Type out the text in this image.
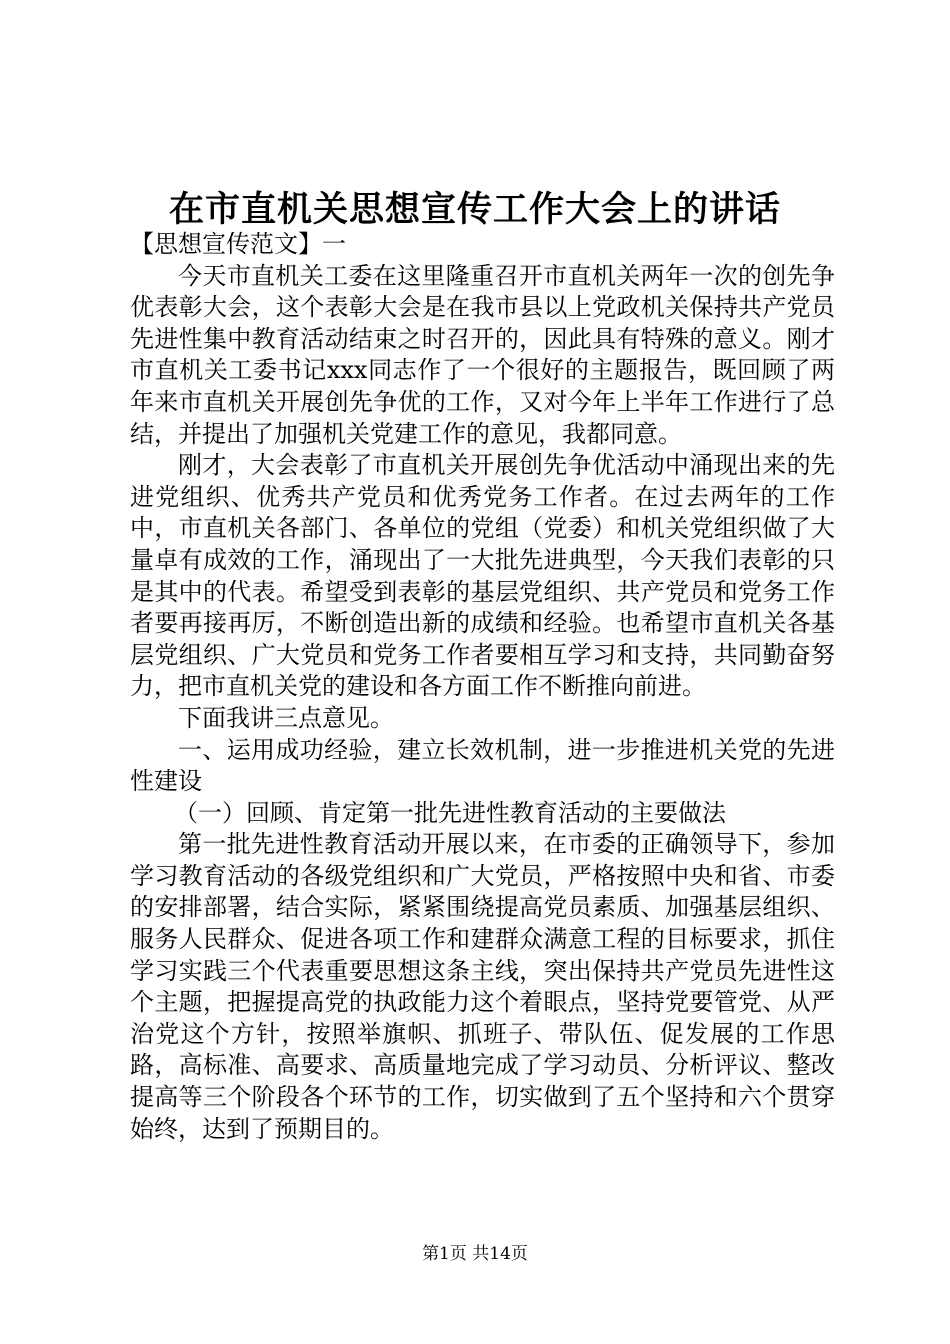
在市直机关思想宣传工作大会上的讲话

【思想宣传范文】一

今天市直机关工委在这里隆重召开市直机关两年一次的创先争优表彰大会，这个表彰大会是在我市县以上党政机关保持共产党员先进性集中教育活动结束之时召开的，因此具有特殊的意义。刚才市直机关工委书记xxx同志作了一个很好的主题报告，既回顾了两年来市直机关开展创先争优的工作，又对今年上半年工作进行了总结，并提出了加强机关党建工作的意见，我都同意。

刚才，大会表彰了市直机关开展创先争优活动中涌现出来的先进党组织、优秀共产党员和优秀党务工作者。在过去两年的工作中，市直机关各部门、各单位的党组（党委）和机关党组织做了大量卓有成效的工作，涌现出了一大批先进典型，今天我们表彰的只是其中的代表。希望受到表彰的基层党组织、共产党员和党务工作者要再接再厉，不断创造出新的成绩和经验。也希望市直机关各基层党组织、广大党员和党务工作者要相互学习和支持，共同勤奋努力，把市直机关党的建设和各方面工作不断推向前进。

下面我讲三点意见。

一、运用成功经验，建立长效机制，进一步推进机关党的先进性建设

（一）回顾、肯定第一批先进性教育活动的主要做法

第一批先进性教育活动开展以来，在市委的正确领导下，参加学习教育活动的各级党组织和广大党员，严格按照中央和省、市委的安排部署，结合实际，紧紧围绕提高党员素质、加强基层组织、服务人民群众、促进各项工作和建群众满意工程的目标要求，抓住学习实践三个代表重要思想这条主线，突出保持共产党员先进性这个主题，把握提高党的执政能力这个着眼点，坚持党要管党、从严治党这个方针，按照举旗帜、抓班子、带队伍、促发展的工作思路，高标准、高要求、高质量地完成了学习动员、分析评议、整改提高等三个阶段各个环节的工作，切实做到了五个坚持和六个贯穿始终，达到了预期目的。

第1页 共14页
